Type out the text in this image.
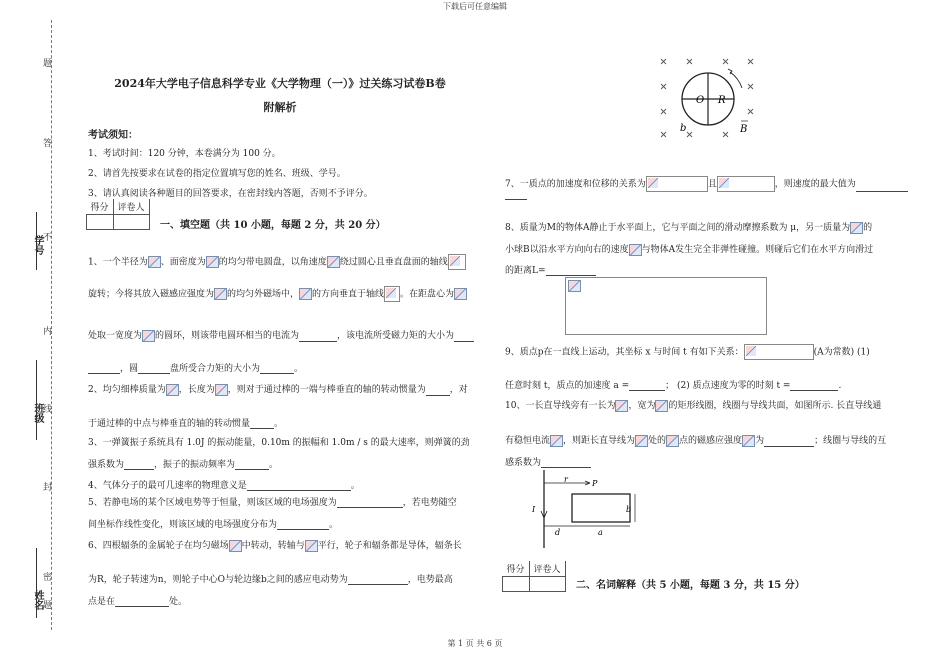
下载后可任意编辑
第 1 页 共 6 页
题
答
不
内
线
封
密
题
学号
班级
姓名
2024年大学电子信息科学专业《大学物理（一）》过关练习试卷B卷
附解析
考试须知：
1、考试时间：120 分钟，本卷满分为 100 分。
2、请首先按要求在试卷的指定位置填写您的姓名、班级、学号。
3、请认真阅读各种题目的回答要求，在密封线内答题，否则不予评分。
得分	评卷人

一、填空题（共 10 小题，每题 2 分，共 20 分）
1、一个半径为 、面密度为 的均匀带电圆盘，以角速度 绕过圆心且垂直盘面的轴线
旋转；今将其放入磁感应强度为 的均匀外磁场中， 的方向垂直于轴线 。在距盘心为
处取一宽度为 的圆环，则该带电圆环相当的电流为	，该电流所受磁力矩的大小为
，圆	盘所受合力矩的大小为	。
2、均匀细棒质量为 ，长度为 ，则对于通过棒的一端与棒垂直的轴的转动惯量为	，对
于通过棒的中点与棒垂直的轴的转动惯量	。
3、一弹簧振子系统具有 1.0J 的振动能量，0.10m 的振幅和 1.0m / s 的最大速率，则弹簧的劲
强系数为	，振子的振动频率为	。
4、气体分子的最可几速率的物理意义是	。
5、若静电场的某个区域电势等于恒量，则该区域的电场强度为	，若电势随空
间坐标作线性变化，则该区域的电场强度分布为	。
6、四根辐条的金属轮子在均匀磁场 中转动，转轴与 平行，轮子和辐条都是导体，辐条长
为R，轮子转速为n，则轮子中心O与轮边缘b之间的感应电动势为	，电势最高
点是在	处。
O R
b	B
7、一质点的加速度和位移的关系为	且	，则速度的最大值为
8、质量为M的物体A静止于水平面上，它与平面之间的滑动摩擦系数为 μ，另一质量为 的
小球B以沿水平方向向右的速度 与物体A发生完全非弹性碰撞。则碰后它们在水平方向滑过
的距离L=
9、质点p在一直线上运动，其坐标 x 与时间 t 有如下关系：	(A为常数) (1)
任意时刻 t，质点的加速度 a =	； (2) 质点速度为零的时刻 t =	.
10、一长直导线旁有一长为 ，宽为 的矩形线圈，线圈与导线共面，如图所示. 长直导线通
有稳恒电流 ，则距长直导线为 处的 点的磁感应强度 为	；线圈与导线的互
感系数为
r	P
I
d	a
b
得分	评卷人

二、名词解释（共 5 小题，每题 3 分，共 15 分）
